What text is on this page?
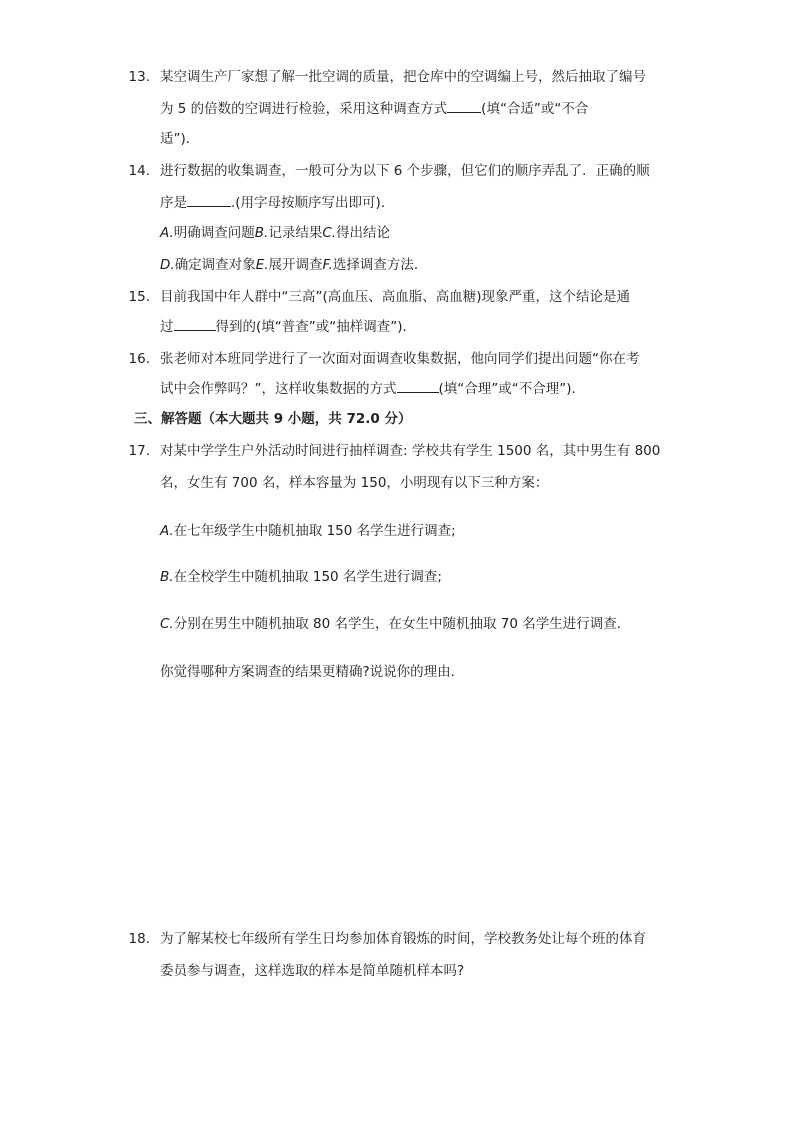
13. 某空调生产厂家想了解一批空调的质量，把仓库中的空调编上号，然后抽取了编号
为 5 的倍数的空调进行检验，采用这种调查方式	(填“合适”或“不合
适”)．
14. 进行数据的收集调查，一般可分为以下 6 个步骤，但它们的顺序弄乱了．正确的顺
序是	.(用字母按顺序写出即可)．
A.明确调查问题B.记录结果C.得出结论
D.确定调查对象E.展开调查F.选择调查方法．
15. 目前我国中年人群中“三高”(高血压、高血脂、高血糖)现象严重，这个结论是通
过	得到的(填“普查”或“抽样调查”)．
16. 张老师对本班同学进行了一次面对面调查收集数据，他向同学们提出问题“你在考
试中会作弊吗？”，这样收集数据的方式	(填“合理”或“不合理”)．
三、解答题（本大题共 9 小题，共 72.0 分）
17. 对某中学学生户外活动时间进行抽样调查: 学校共有学生 1500 名，其中男生有 800
名，女生有 700 名，样本容量为 150，小明现有以下三种方案：
A.在七年级学生中随机抽取 150 名学生进行调查;
B.在全校学生中随机抽取 150 名学生进行调查;
C.分别在男生中随机抽取 80 名学生，在女生中随机抽取 70 名学生进行调查．
你觉得哪种方案调查的结果更精确?说说你的理由．
18. 为了解某校七年级所有学生日均参加体育锻炼的时间，学校教务处让每个班的体育
委员参与调查，这样选取的样本是简单随机样本吗?
